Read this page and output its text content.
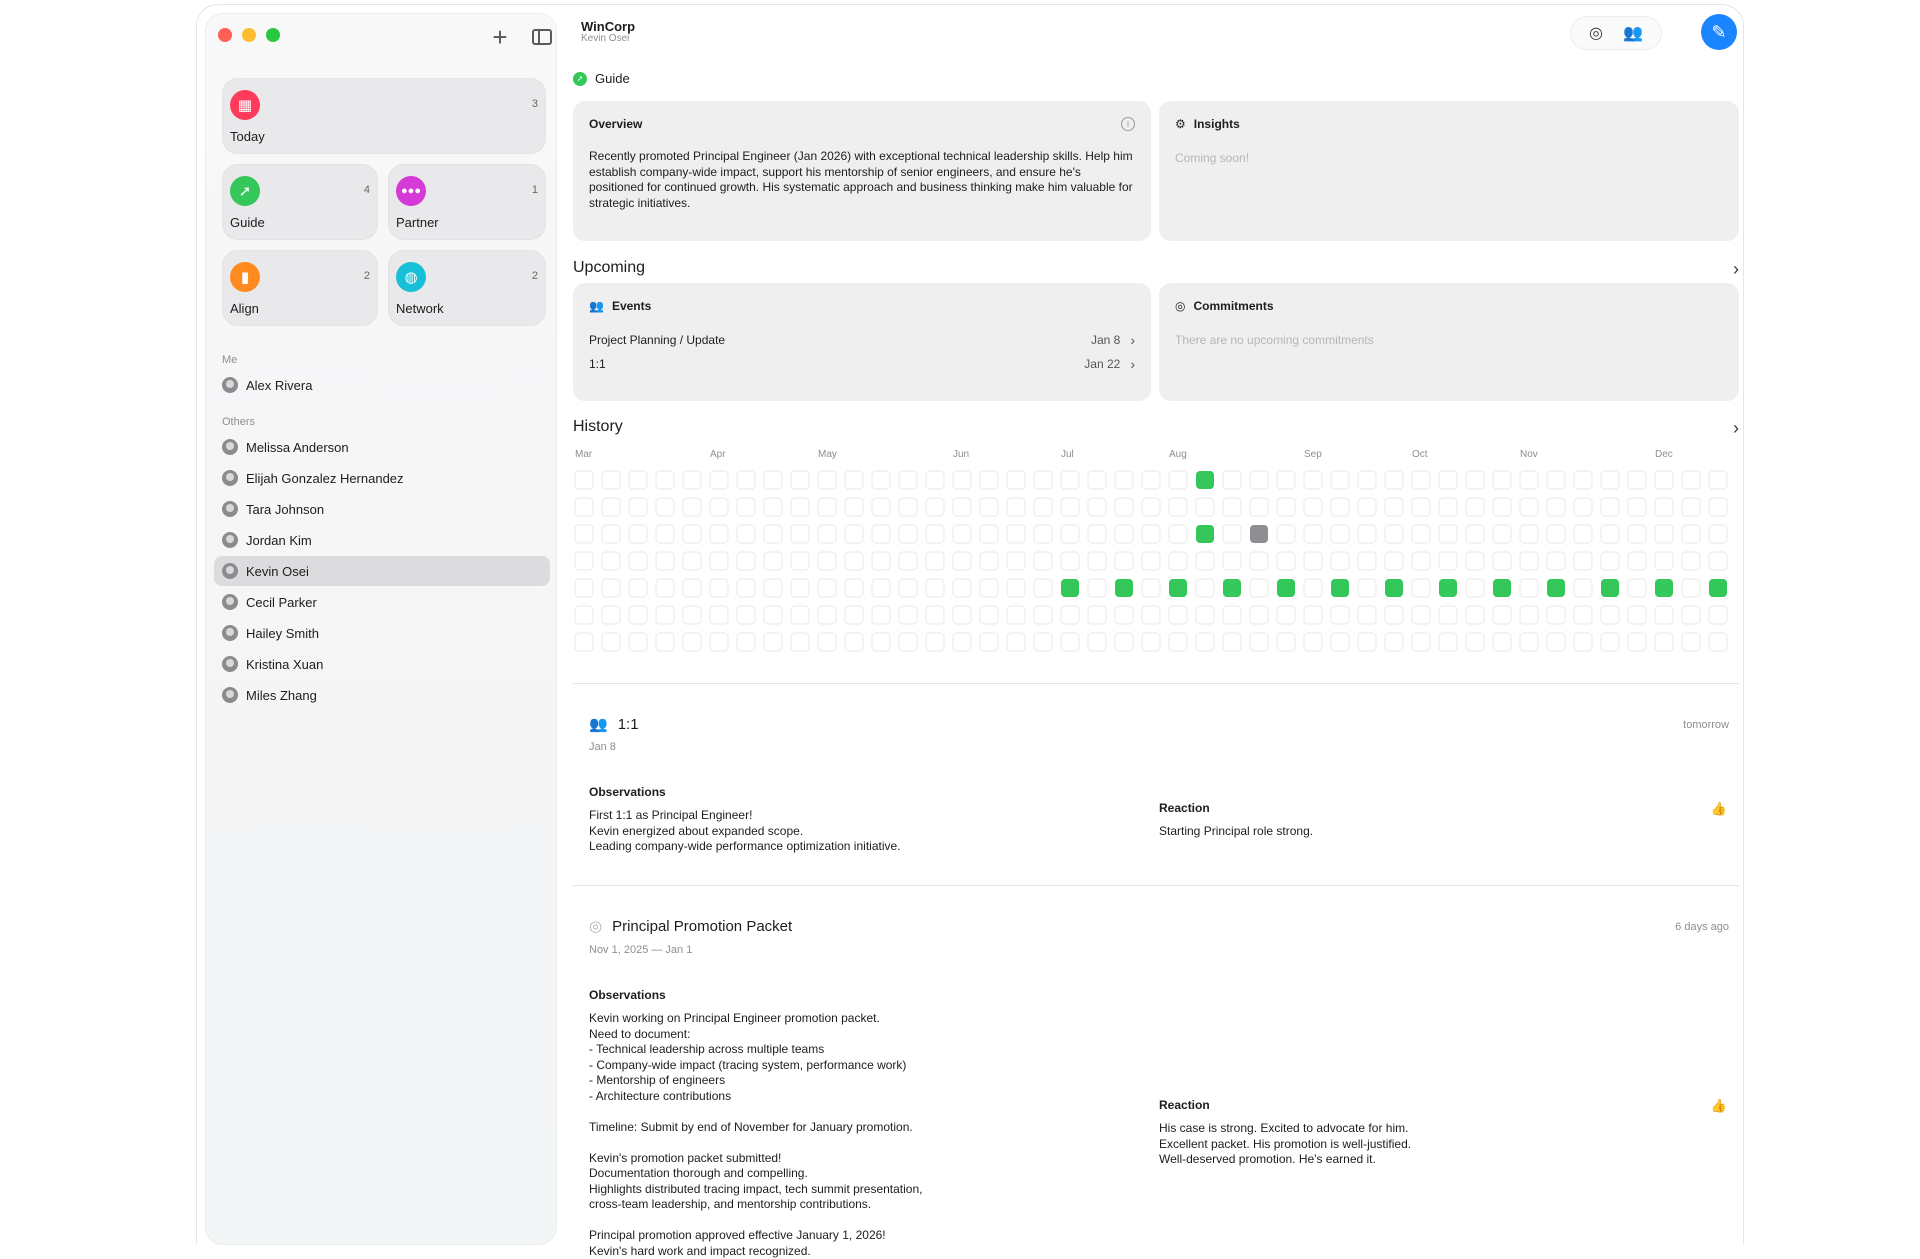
+
▦	3
Today
➚	4
Guide
●●●	1
Partner
▮	2
Align
◍	2
Network
Me
Alex Rivera
Others
Melissa Anderson
Elijah Gonzalez Hernandez
Tara Johnson
Jordan Kim
Kevin Osei
Cecil Parker
Hailey Smith
Kristina Xuan
Miles Zhang
WinCorp
Kevin Osei	◎ 👥	✎
➚ Guide
Overview	i
Recently promoted Principal Engineer (Jan 2026) with exceptional technical leadership skills. Help him establish company-wide impact, support his mentorship of senior engineers, and ensure he's positioned for continued growth. His systematic approach and business thinking make him valuable for strategic initiatives.
⚙ Insights
Coming soon!
Upcoming	›
👥 Events
Project Planning / Update	Jan 8 ›
1:1	Jan 22 ›
◎ Commitments
There are no upcoming commitments
History	›
Mar	Apr	May	Jun	Jul	Aug	Sep	Oct	Nov	Dec
👥 1:1
Jan 8
tomorrow
Observations
First 1:1 as Principal Engineer!
Kevin energized about expanded scope.
Leading company-wide performance optimization initiative.
Reaction
Starting Principal role strong.
👍
◎ Principal Promotion Packet
Nov 1, 2025 — Jan 1
6 days ago
Observations
Kevin working on Principal Engineer promotion packet.
Need to document:
- Technical leadership across multiple teams
- Company-wide impact (tracing system, performance work)
- Mentorship of engineers
- Architecture contributions

Timeline: Submit by end of November for January promotion.

Kevin's promotion packet submitted!
Documentation thorough and compelling.
Highlights distributed tracing impact, tech summit presentation,
cross-team leadership, and mentorship contributions.

Principal promotion approved effective January 1, 2026!
Kevin's hard work and impact recognized.
Reaction
His case is strong. Excited to advocate for him.
Excellent packet. His promotion is well-justified.
Well-deserved promotion. He's earned it.
👍
